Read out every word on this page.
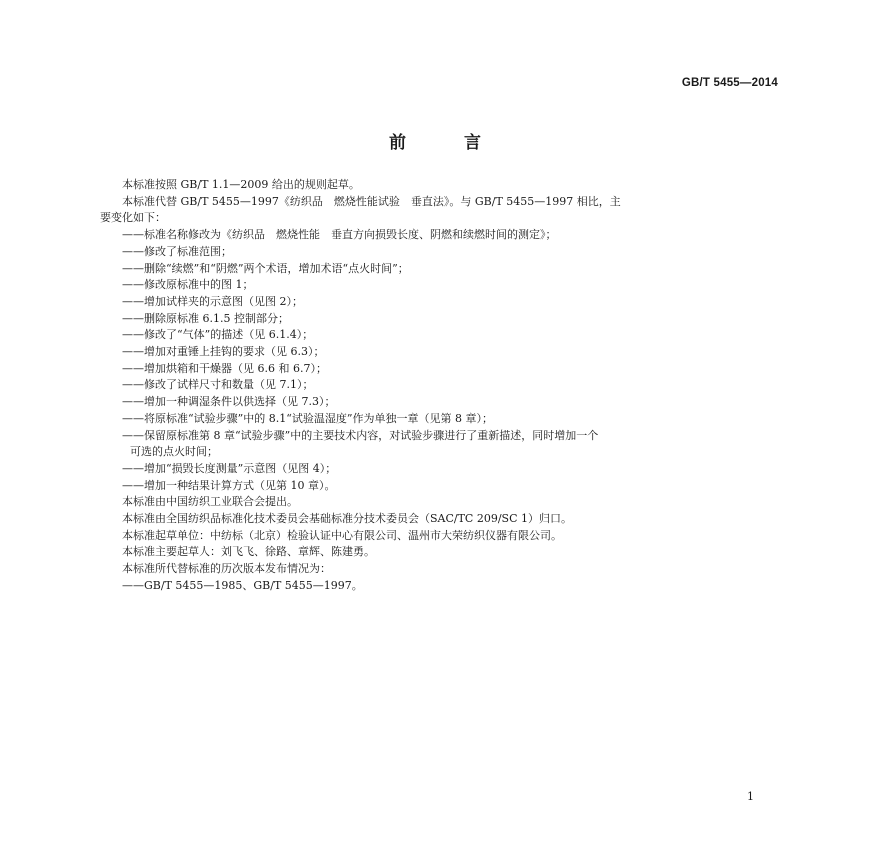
GB/T 5455—2014
前言
本标准按照 GB/T 1.1—2009 给出的规则起草。
本标准代替 GB/T 5455—1997《纺织品　燃烧性能试验　垂直法》。与 GB/T 5455—1997 相比，主
要变化如下：
——标准名称修改为《纺织品　燃烧性能　垂直方向损毁长度、阴燃和续燃时间的测定》；
——修改了标准范围；
——删除“续燃”和“阴燃”两个术语，增加术语“点火时间”；
——修改原标准中的图 1；
——增加试样夹的示意图（见图 2）；
——删除原标准 6.1.5 控制部分；
——修改了“气体”的描述（见 6.1.4）；
——增加对重锤上挂钩的要求（见 6.3）；
——增加烘箱和干燥器（见 6.6 和 6.7）；
——修改了试样尺寸和数量（见 7.1）；
——增加一种调湿条件以供选择（见 7.3）；
——将原标准“试验步骤”中的 8.1“试验温湿度”作为单独一章（见第 8 章）；
——保留原标准第 8 章“试验步骤”中的主要技术内容，对试验步骤进行了重新描述，同时增加一个
可选的点火时间；
——增加“损毁长度测量”示意图（见图 4）；
——增加一种结果计算方式（见第 10 章）。
本标准由中国纺织工业联合会提出。
本标准由全国纺织品标准化技术委员会基础标准分技术委员会（SAC/TC 209/SC 1）归口。
本标准起草单位：中纺标（北京）检验认证中心有限公司、温州市大荣纺织仪器有限公司。
本标准主要起草人：刘飞飞、徐路、章辉、陈建勇。
本标准所代替标准的历次版本发布情况为：
——GB/T 5455—1985、GB/T 5455—1997。
1
